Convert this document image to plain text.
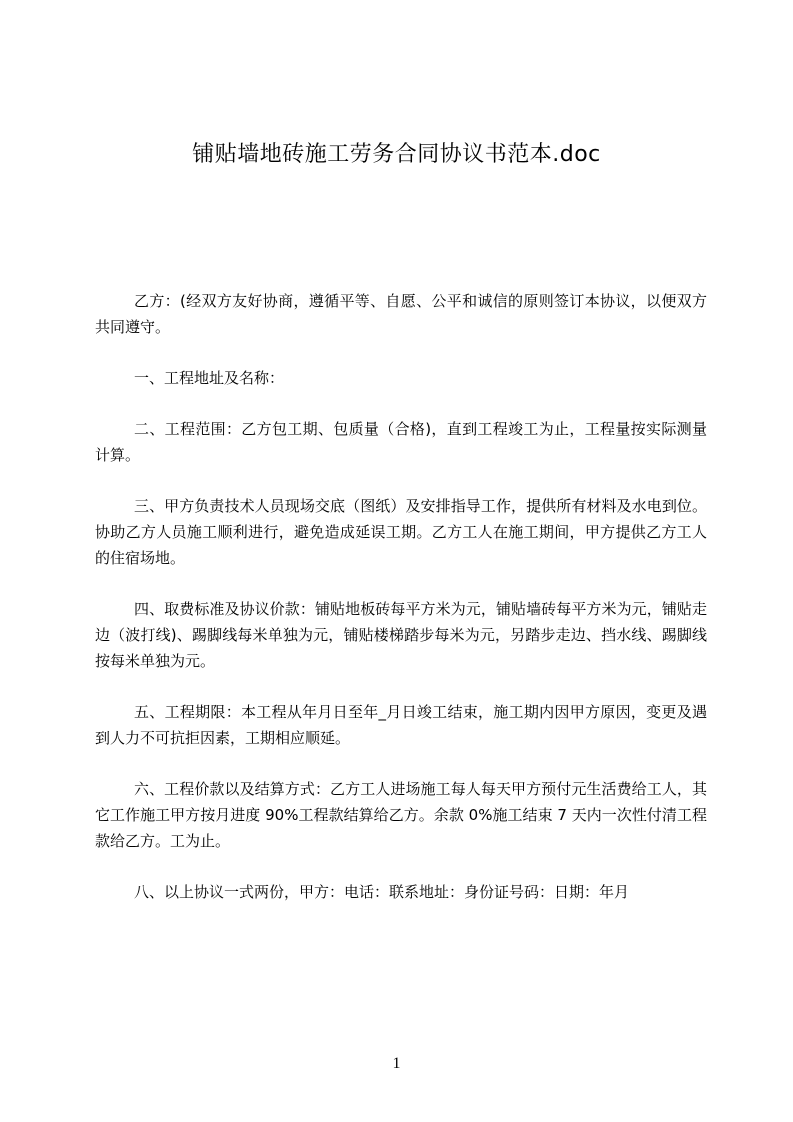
铺贴墙地砖施工劳务合同协议书范本.doc

乙方：(经双方友好协商，遵循平等、自愿、公平和诚信的原则签订本协议，以便双方共同遵守。

一、工程地址及名称：

二、工程范围：乙方包工期、包质量（合格)，直到工程竣工为止，工程量按实际测量计算。

三、甲方负责技术人员现场交底（图纸）及安排指导工作，提供所有材料及水电到位。协助乙方人员施工顺利进行，避免造成延误工期。乙方工人在施工期间，甲方提供乙方工人的住宿场地。

四、取费标准及协议价款：铺贴地板砖每平方米为元，铺贴墙砖每平方米为元，铺贴走边（波打线)、踢脚线每米单独为元，铺贴楼梯踏步每米为元，另踏步走边、挡水线、踢脚线按每米单独为元。

五、工程期限：本工程从年月日至年_月日竣工结束，施工期内因甲方原因，变更及遇到人力不可抗拒因素，工期相应顺延。

六、工程价款以及结算方式：乙方工人进场施工每人每天甲方预付元生活费给工人，其它工作施工甲方按月进度 90%工程款结算给乙方。余款 0%施工结束 7 天内一次性付清工程款给乙方。工为止。

八、以上协议一式两份，甲方：电话：联系地址：身份证号码：日期：年月

1
